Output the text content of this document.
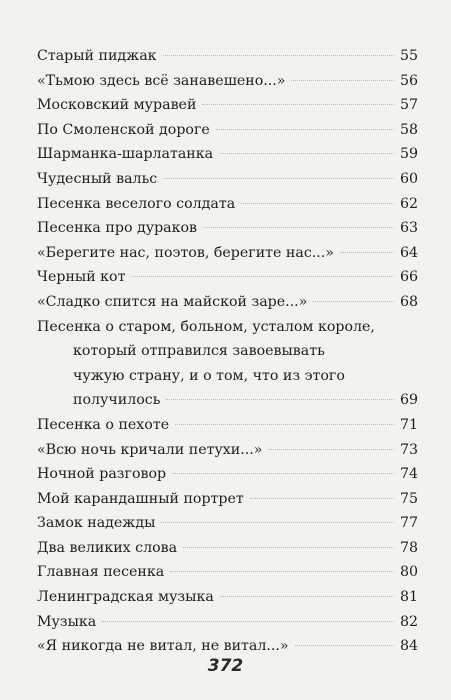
Старый пиджак	55
«Тьмою здесь всё занавешено...»	56
Московский муравей	57
По Смоленской дороге	58
Шарманка-шарлатанка	59
Чудесный вальс	60
Песенка веселого солдата	62
Песенка про дураков	63
«Берегите нас, поэтов, берегите нас...»	64
Черный кот	66
«Сладко спится на майской заре...»	68
Песенка о старом, больном, усталом короле,
который отправился завоевывать
чужую страну, и о том, что из этого
получилось	69
Песенка о пехоте	71
«Всю ночь кричали петухи...»	73
Ночной разговор	74
Мой карандашный портрет	75
Замок надежды	77
Два великих слова	78
Главная песенка	80
Ленинградская музыка	81
Музыка	82
«Я никогда не витал, не витал...»	84
372
